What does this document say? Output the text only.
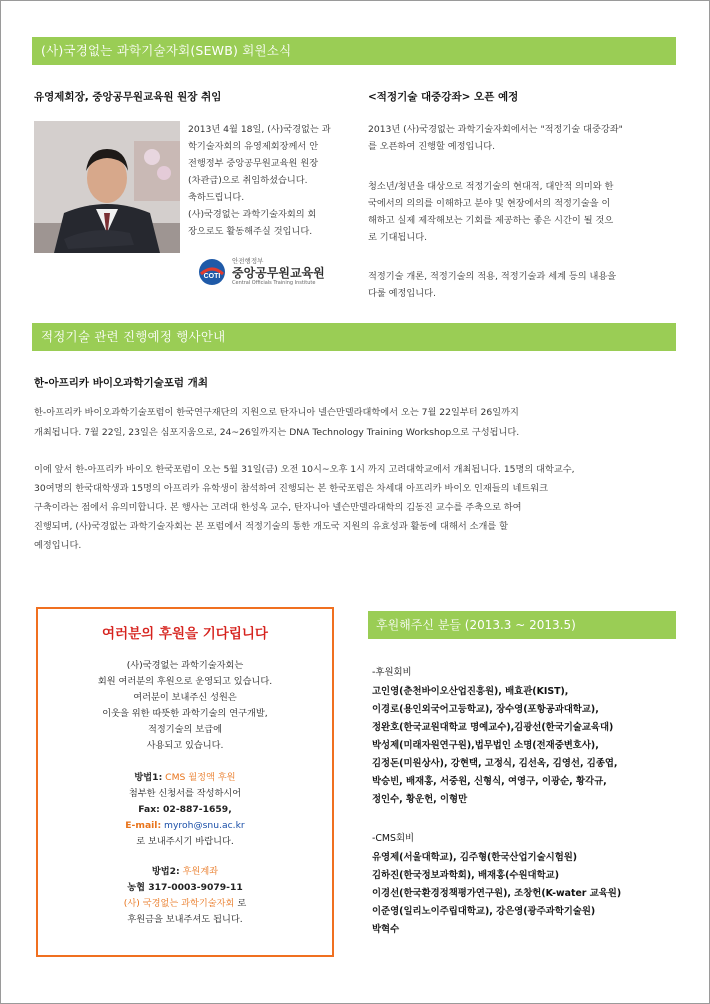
(사)국경없는 과학기술자회(SEWB) 회원소식
유영제회장, 중앙공무원교육원 원장 취임
2013년 4월 18일, (사)국경없는 과
학기술자회의 유영제회장께서 안
전행정부 중앙공무원교육원 원장
(차관급)으로 취임하셨습니다.
축하드립니다.
(사)국경없는 과학기술자회의 회
장으로도 활동해주실 것입니다.
COTI
안전행정부
중앙공무원교육원
Central Officials Training Institute
<적정기술 대중강좌> 오픈 예정
2013년 (사)국경없는 과학기술자회에서는 "적정기술 대중강좌"
를 오픈하여 진행할 예정입니다.
청소년/청년을 대상으로 적정기술의 현대적, 대안적 의미와 한
국에서의 의의를 이해하고 분야 및 현장에서의 적정기술을 이
해하고 실제 제작해보는 기회를 제공하는 좋은 시간이 될 것으
로 기대됩니다.
적정기술 개론, 적정기술의 적용, 적정기술과 세계 등의 내용을
다룰 예정입니다.
적정기술 관련 진행예정 행사안내
한-아프리카 바이오과학기술포럼 개최
한-아프리카 바이오과학기술포럼이 한국연구재단의 지원으로 탄자니아 넬슨만델라대학에서 오는 7월 22일부터 26일까지
개최됩니다. 7월 22일, 23일은 심포지움으로, 24~26일까지는 DNA Technology Training Workshop으로 구성됩니다.
이에 앞서 한-아프리카 바이오 한국포럼이 오는 5월 31일(금) 오전 10시~오후 1시 까지 고려대학교에서 개최됩니다. 15명의 대학교수,
30여명의 한국대학생과 15명의 아프리카 유학생이 참석하여 진행되는 본 한국포럼은 차세대 아프리카 바이오 인재들의 네트워크
구축이라는 점에서 유의미합니다. 본 행사는 고려대 한성옥 교수, 탄자니아 넬슨만델라대학의 김동진 교수를 주축으로 하여
진행되며, (사)국경없는 과학기술자회는 본 포럼에서 적정기술의 통한 개도국 지원의 유효성과 활동에 대해서 소개를 할
예정입니다.
여러분의 후원을 기다립니다
(사)국경없는 과학기술자회는
회원 여러분의 후원으로 운영되고 있습니다.
여러분이 보내주신 성원은
이웃을 위한 따뜻한 과학기술의 연구개발,
적정기술의 보급에
사용되고 있습니다.
방법1: CMS 월정액 후원
첨부한 신청서를 작성하시어
Fax: 02-887-1659,
E-mail: myroh@snu.ac.kr
로 보내주시기 바랍니다.
방법2: 후원계좌
농협 317-0003-9079-11
(사) 국경없는 과학기술자회 로
후원금을 보내주셔도 됩니다.
후원해주신 분들 (2013.3 ~ 2013.5)
-후원회비
고인영(춘천바이오산업진흥원), 배효관(KIST),
이경로(용인외국어고등학교), 장수영(포항공과대학교),
정완호(한국교원대학교 명예교수),김광선(한국기술교육대)
박성제(미래자원연구원),법무법인 소명(전재중변호사),
김정돈(미원상사), 강현택, 고정식, 김선옥, 김영선, 김종엽,
박승빈, 배재홍, 서중원, 신형식, 여영구, 이광순, 황각규,
정인수, 황운헌, 이형만
-CMS회비
유영제(서울대학교), 김주형(한국산업기술시험원)
김하진(한국정보과학회), 배재홍(수원대학교)
이경선(한국환경정책평가연구원), 조창헌(K-water 교육원)
이준영(일리노이주립대학교), 강은영(광주과학기술원)
박혁수
